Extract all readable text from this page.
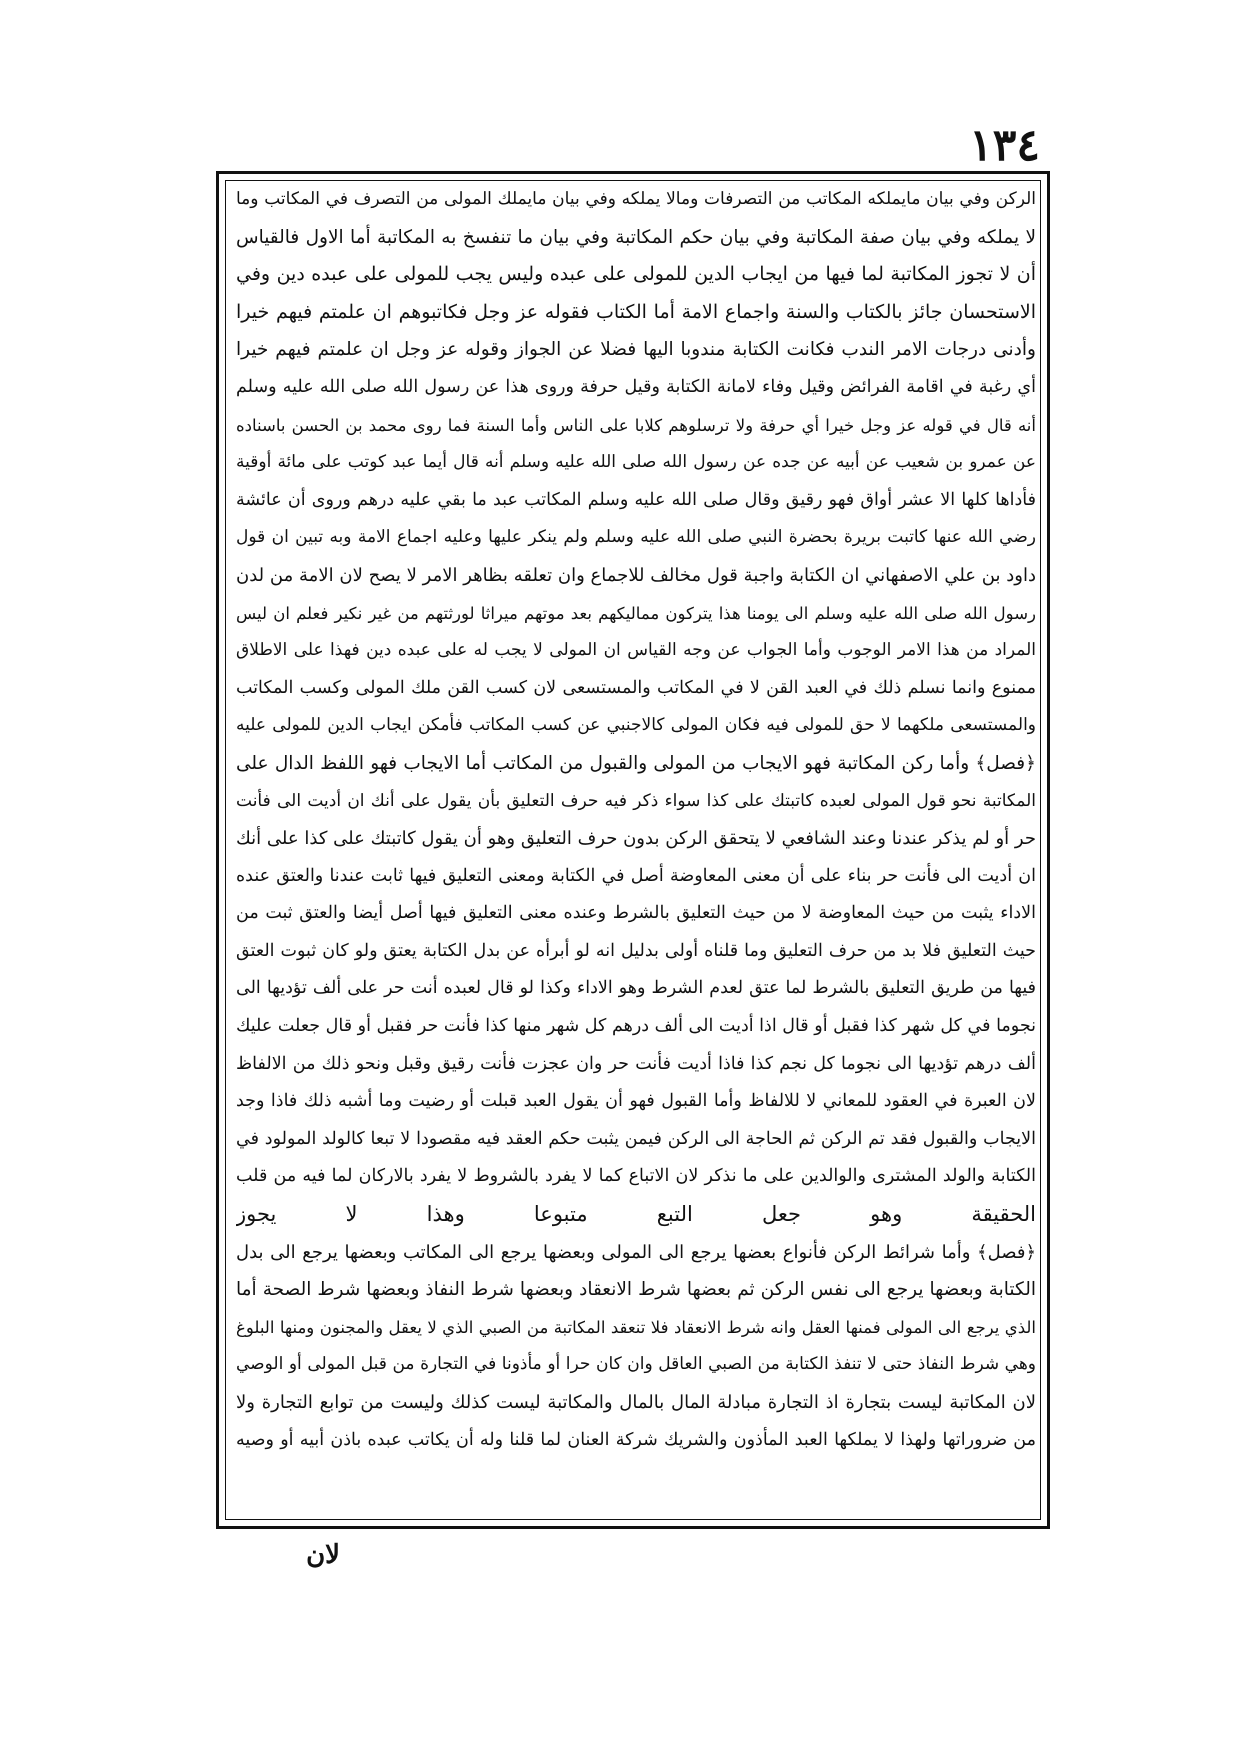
١٣٤
الركن وفي بيان مايملكه المكاتب من التصرفات ومالا يملكه وفي بيان مايملك المولى من التصرف في المكاتب وما
لا يملكه وفي بيان صفة المكاتبة وفي بيان حكم المكاتبة وفي بيان ما تنفسخ به المكاتبة أما الاول فالقياس
أن لا تجوز المكاتبة لما فيها من ايجاب الدين للمولى على عبده وليس يجب للمولى على عبده دين وفي
الاستحسان جائز بالكتاب والسنة واجماع الامة أما الكتاب فقوله عز وجل فكاتبوهم ان علمتم فيهم خيرا
وأدنى درجات الامر الندب فكانت الكتابة مندوبا اليها فضلا عن الجواز وقوله عز وجل ان علمتم فيهم خيرا
أي رغبة في اقامة الفرائض وقيل وفاء لامانة الكتابة وقيل حرفة وروى هذا عن رسول الله صلى الله عليه وسلم
أنه قال في قوله عز وجل خيرا أي حرفة ولا ترسلوهم كلابا على الناس وأما السنة فما روى محمد بن الحسن باسناده
عن عمرو بن شعيب عن أبيه عن جده عن رسول الله صلى الله عليه وسلم أنه قال أيما عبد كوتب على مائة أوقية
فأداها كلها الا عشر أواق فهو رقيق وقال صلى الله عليه وسلم المكاتب عبد ما بقي عليه درهم وروى أن عائشة
رضي الله عنها كاتبت بريرة بحضرة النبي صلى الله عليه وسلم ولم ينكر عليها وعليه اجماع الامة وبه تبين ان قول
داود بن علي الاصفهاني ان الكتابة واجبة قول مخالف للاجماع وان تعلقه بظاهر الامر لا يصح لان الامة من لدن
رسول الله صلى الله عليه وسلم الى يومنا هذا يتركون مماليكهم بعد موتهم ميراثا لورثتهم من غير نكير فعلم ان ليس
المراد من هذا الامر الوجوب وأما الجواب عن وجه القياس ان المولى لا يجب له على عبده دين فهذا على الاطلاق
ممنوع وانما نسلم ذلك في العبد القن لا في المكاتب والمستسعى لان كسب القن ملك المولى وكسب المكاتب
والمستسعى ملكهما لا حق للمولى فيه فكان المولى كالاجنبي عن كسب المكاتب فأمكن ايجاب الدين للمولى عليه
﴿فصل﴾ وأما ركن المكاتبة فهو الايجاب من المولى والقبول من المكاتب أما الايجاب فهو اللفظ الدال على
المكاتبة نحو قول المولى لعبده كاتبتك على كذا سواء ذكر فيه حرف التعليق بأن يقول على أنك ان أديت الى فأنت
حر أو لم يذكر عندنا وعند الشافعي لا يتحقق الركن بدون حرف التعليق وهو أن يقول كاتبتك على كذا على أنك
ان أديت الى فأنت حر بناء على أن معنى المعاوضة أصل في الكتابة ومعنى التعليق فيها ثابت عندنا والعتق عنده
الاداء يثبت من حيث المعاوضة لا من حيث التعليق بالشرط وعنده معنى التعليق فيها أصل أيضا والعتق ثبت من
حيث التعليق فلا بد من حرف التعليق وما قلناه أولى بدليل انه لو أبرأه عن بدل الكتابة يعتق ولو كان ثبوت العتق
فيها من طريق التعليق بالشرط لما عتق لعدم الشرط وهو الاداء وكذا لو قال لعبده أنت حر على ألف تؤديها الى
نجوما في كل شهر كذا فقبل أو قال اذا أديت الى ألف درهم كل شهر منها كذا فأنت حر فقبل أو قال جعلت عليك
ألف درهم تؤديها الى نجوما كل نجم كذا فاذا أديت فأنت حر وان عجزت فأنت رقيق وقبل ونحو ذلك من الالفاظ
لان العبرة في العقود للمعاني لا للالفاظ وأما القبول فهو أن يقول العبد قبلت أو رضيت وما أشبه ذلك فاذا وجد
الايجاب والقبول فقد تم الركن ثم الحاجة الى الركن فيمن يثبت حكم العقد فيه مقصودا لا تبعا كالولد المولود في
الكتابة والولد المشترى والوالدين على ما نذكر لان الاتباع كما لا يفرد بالشروط لا يفرد بالاركان لما فيه من قلب
الحقيقة وهو جعل التبع متبوعا وهذا لا يجوز
﴿فصل﴾ وأما شرائط الركن فأنواع بعضها يرجع الى المولى وبعضها يرجع الى المكاتب وبعضها يرجع الى بدل
الكتابة وبعضها يرجع الى نفس الركن ثم بعضها شرط الانعقاد وبعضها شرط النفاذ وبعضها شرط الصحة أما
الذي يرجع الى المولى فمنها العقل وانه شرط الانعقاد فلا تنعقد المكاتبة من الصبي الذي لا يعقل والمجنون ومنها البلوغ
وهي شرط النفاذ حتى لا تنفذ الكتابة من الصبي العاقل وان كان حرا أو مأذونا في التجارة من قبل المولى أو الوصي
لان المكاتبة ليست بتجارة اذ التجارة مبادلة المال بالمال والمكاتبة ليست كذلك وليست من توابع التجارة ولا
من ضروراتها ولهذا لا يملكها العبد المأذون والشريك شركة العنان لما قلنا وله أن يكاتب عبده باذن أبيه أو وصيه
لان
